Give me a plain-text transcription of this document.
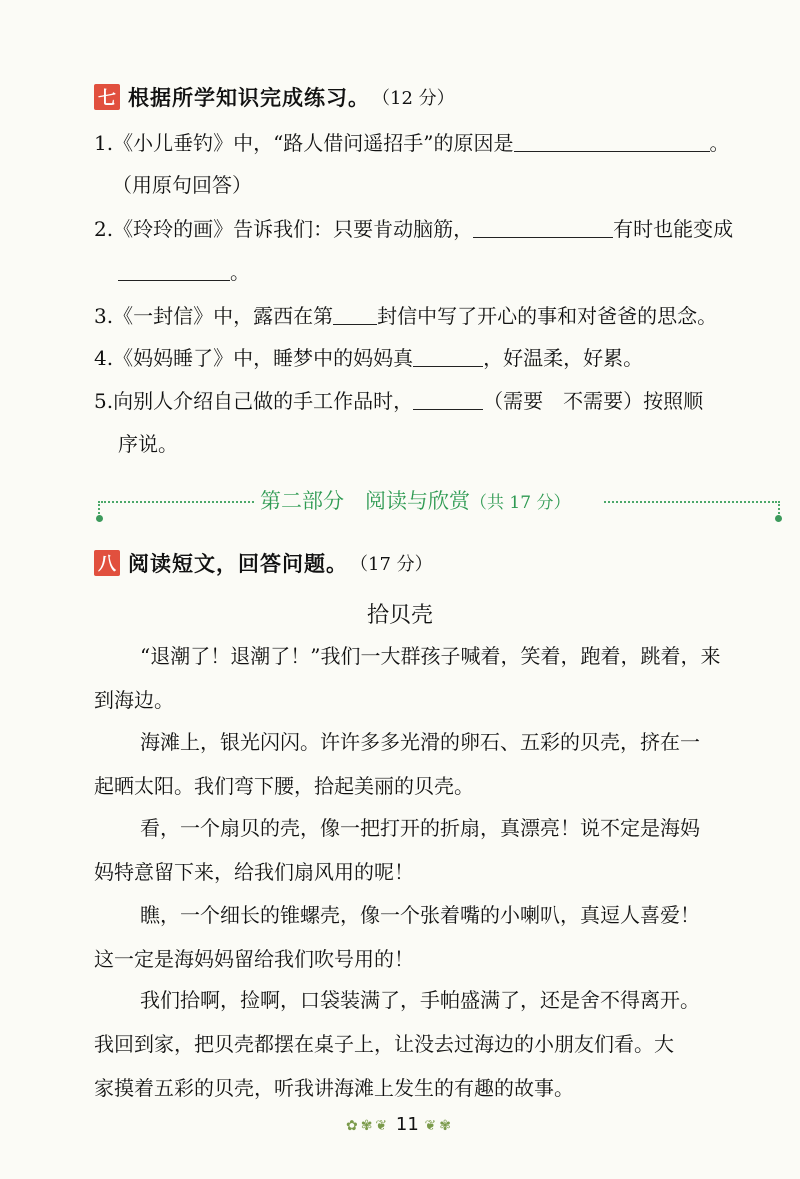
七 根据所学知识完成练习。 （12 分）
1.《小儿垂钓》中，“路人借问遥招手”的原因是	。
（用原句回答）
2.《玲玲的画》告诉我们：只要肯动脑筋，	有时也能变成
。
3.《一封信》中，露西在第 封信中写了开心的事和对爸爸的思念。
4.《妈妈睡了》中，睡梦中的妈妈真	，好温柔，好累。
5.向别人介绍自己做的手工作品时，	（需要　不需要）按照顺
序说。
第二部分　阅读与欣赏（共 17 分）
八 阅读短文，回答问题。 （17 分）
拾贝壳
“退潮了！退潮了！”我们一大群孩子喊着，笑着，跑着，跳着，来
到海边。
海滩上，银光闪闪。许许多多光滑的卵石、五彩的贝壳，挤在一
起晒太阳。我们弯下腰，拾起美丽的贝壳。
看，一个扇贝的壳，像一把打开的折扇，真漂亮！说不定是海妈
妈特意留下来，给我们扇风用的呢！
瞧，一个细长的锥螺壳，像一个张着嘴的小喇叭，真逗人喜爱！
这一定是海妈妈留给我们吹号用的！
我们拾啊，捡啊，口袋装满了，手帕盛满了，还是舍不得离开。
我回到家，把贝壳都摆在桌子上，让没去过海边的小朋友们看。大
家摸着五彩的贝壳，听我讲海滩上发生的有趣的故事。
✿✾❦ 11 ❦✾
